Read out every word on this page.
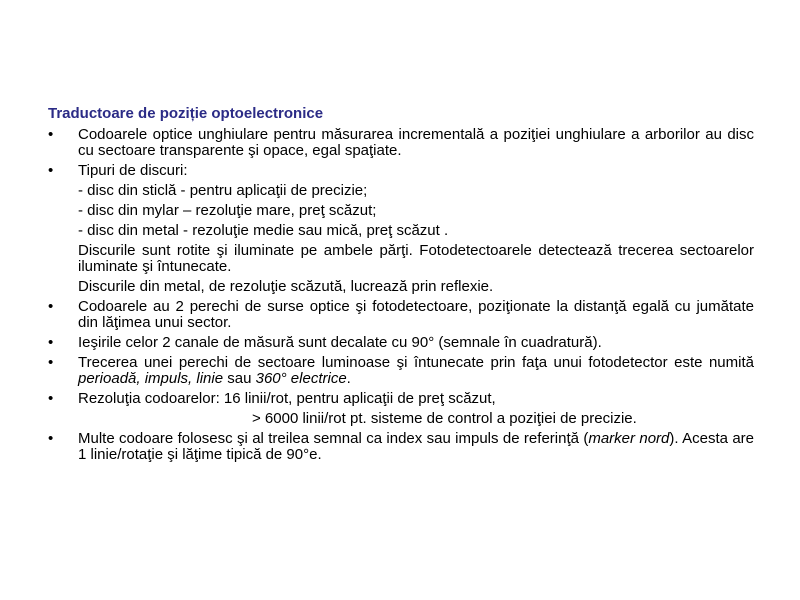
Traductoare de poziție optoelectronice
•	Codoarele optice unghiulare pentru măsurarea incrementală a poziţiei unghiulare a arborilor au disc cu sectoare transparente şi opace, egal spaţiate.
•	Tipuri de discuri:
- disc din sticlă - pentru aplicaţii de precizie;
- disc din mylar – rezoluţie mare, preţ scăzut;
- disc din metal - rezoluţie medie sau mică, preţ scăzut .
Discurile sunt rotite şi iluminate pe ambele părţi. Fotodetectoarele detectează trecerea sectoarelor iluminate şi întunecate.
Discurile din metal, de rezoluţie scăzută, lucrează prin reflexie.
•	Codoarele au 2 perechi de surse optice şi fotodetectoare, poziţionate la distanţă egală cu jumătate din lăţimea unui sector.
•	Ieşirile celor 2 canale de măsură sunt decalate cu 90° (semnale în cuadratură).
•	Trecerea unei perechi de sectoare luminoase şi întunecate prin faţa unui fotodetector este numită perioadă, impuls, linie sau 360° electrice.
•	Rezoluţia codoarelor: 16 linii/rot, pentru aplicaţii de preţ scăzut,
> 6000 linii/rot pt. sisteme de control a poziţiei de precizie.
•	Multe codoare folosesc şi al treilea semnal ca index sau impuls de referinţă (marker nord). Acesta are 1 linie/rotaţie şi lăţime tipică de 90°e.
